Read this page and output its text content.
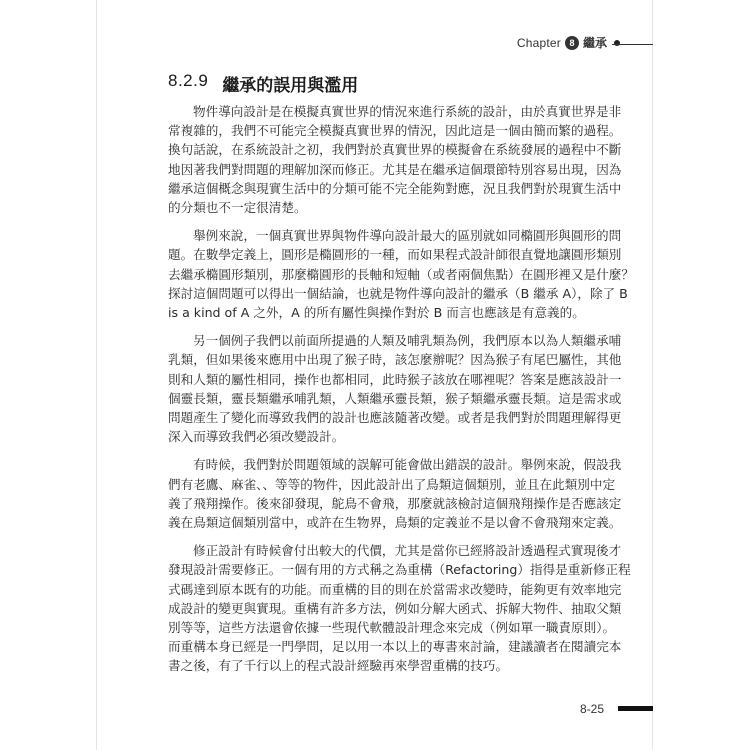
Chapter 8 繼承
8.2.9 繼承的誤用與濫用

物件導向設計是在模擬真實世界的情況來進行系統的設計，由於真實世界是非
常複雜的，我們不可能完全模擬真實世界的情況，因此這是一個由簡而繁的過程。
換句話說，在系統設計之初，我們對於真實世界的模擬會在系統發展的過程中不斷
地因著我們對問題的理解加深而修正。尤其是在繼承這個環節特別容易出現，因為
繼承這個概念與現實生活中的分類可能不完全能夠對應，況且我們對於現實生活中
的分類也不一定很清楚。

舉例來說，一個真實世界與物件導向設計最大的區別就如同橢圓形與圓形的問
題。在數學定義上，圓形是橢圓形的一種，而如果程式設計師很直覺地讓圓形類別
去繼承橢圓形類別，那麼橢圓形的長軸和短軸（或者兩個焦點）在圓形裡又是什麼？
探討這個問題可以得出一個結論，也就是物件導向設計的繼承（B 繼承 A），除了 B
is a kind of A 之外，A 的所有屬性與操作對於 B 而言也應該是有意義的。

另一個例子我們以前面所提過的人類及哺乳類為例，我們原本以為人類繼承哺
乳類，但如果後來應用中出現了猴子時，該怎麼辦呢？因為猴子有尾巴屬性，其他
則和人類的屬性相同，操作也都相同，此時猴子該放在哪裡呢？答案是應該設計一
個靈長類，靈長類繼承哺乳類，人類繼承靈長類，猴子類繼承靈長類。這是需求或
問題產生了變化而導致我們的設計也應該隨著改變。或者是我們對於問題理解得更
深入而導致我們必須改變設計。

有時候，我們對於問題領域的誤解可能會做出錯誤的設計。舉例來說，假設我
們有老鷹、麻雀、、等等的物件，因此設計出了鳥類這個類別，並且在此類別中定
義了飛翔操作。後來卻發現，鴕鳥不會飛，那麼就該檢討這個飛翔操作是否應該定
義在鳥類這個類別當中，或許在生物界，鳥類的定義並不是以會不會飛翔來定義。

修正設計有時候會付出較大的代價，尤其是當你已經將設計透過程式實現後才
發現設計需要修正。一個有用的方式稱之為重構（Refactoring）指得是重新修正程
式碼達到原本既有的功能。而重構的目的則在於當需求改變時，能夠更有效率地完
成設計的變更與實現。重構有許多方法，例如分解大函式、拆解大物件、抽取父類
別等等，這些方法還會依據一些現代軟體設計理念來完成（例如單一職責原則）。
而重構本身已經是一門學問，足以用一本以上的專書來討論，建議讀者在閱讀完本
書之後，有了千行以上的程式設計經驗再來學習重構的技巧。

8-25
